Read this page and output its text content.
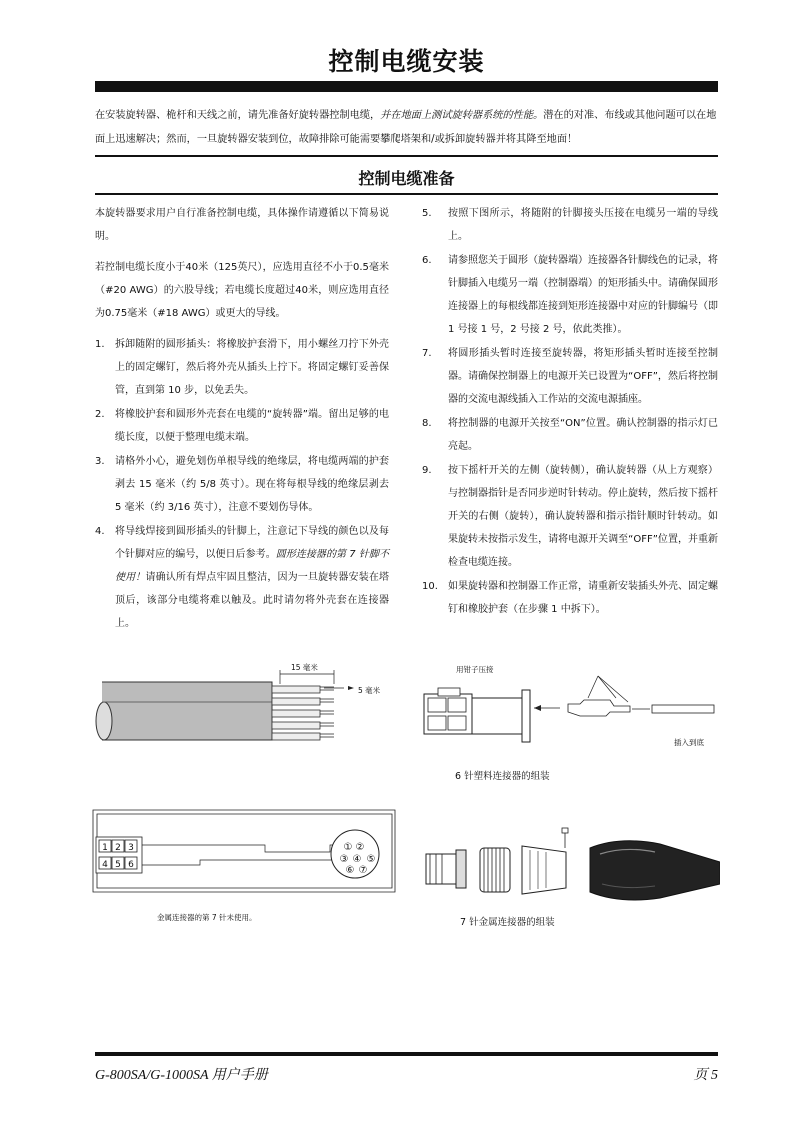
控制电缆安装
在安装旋转器、桅杆和天线之前，请先准备好旋转器控制电缆，并在地面上测试旋转器系统的性能。潜在的对准、布线或其他问题可以在地面上迅速解决；然而，一旦旋转器安装到位，故障排除可能需要攀爬塔架和/或拆卸旋转器并将其降至地面！
控制电缆准备

本旋转器要求用户自行准备控制电缆，具体操作请遵循以下简易说明。

若控制电缆长度小于40米（125英尺），应选用直径不小于0.5毫米（#20 AWG）的六股导线；若电缆长度超过40米，则应选用直径为0.75毫米（#18 AWG）或更大的导线。

1. 拆卸随附的圆形插头：将橡胶护套滑下，用小螺丝刀拧下外壳上的固定螺钉，然后将外壳从插头上拧下。将固定螺钉妥善保管，直到第 10 步，以免丢失。
2. 将橡胶护套和圆形外壳套在电缆的“旋转器”端。留出足够的电缆长度，以便于整理电缆末端。
3. 请格外小心，避免划伤单根导线的绝缘层，将电缆两端的护套剥去 15 毫米（约 5/8 英寸）。现在将每根导线的绝缘层剥去 5 毫米（约 3/16 英寸），注意不要划伤导体。
4. 将导线焊接到圆形插头的针脚上，注意记下导线的颜色以及每个针脚对应的编号，以便日后参考。圆形连接器的第 7 针脚不使用！请确认所有焊点牢固且整洁，因为一旦旋转器安装在塔顶后，该部分电缆将难以触及。此时请勿将外壳套在连接器上。
5. 按照下图所示，将随附的针脚接头压接在电缆另一端的导线上。
6. 请参照您关于圆形（旋转器端）连接器各针脚线色的记录，将针脚插入电缆另一端（控制器端）的矩形插头中。请确保圆形连接器上的每根线都连接到矩形连接器中对应的针脚编号（即 1 号接 1 号，2 号接 2 号，依此类推）。
7. 将圆形插头暂时连接至旋转器，将矩形插头暂时连接至控制器。请确保控制器上的电源开关已设置为“OFF”，然后将控制器的交流电源线插入工作站的交流电源插座。
8. 将控制器的电源开关按至“ON”位置。确认控制器的指示灯已亮起。
9. 按下摇杆开关的左侧（旋转侧），确认旋转器（从上方观察）与控制器指针是否同步逆时针转动。停止旋转，然后按下摇杆开关的右侧（旋转），确认旋转器和指示指针顺时针转动。如果旋转未按指示发生，请将电源开关调至“OFF”位置，并重新检查电缆连接。
10. 如果旋转器和控制器工作正常，请重新安装插头外壳、固定螺钉和橡胶护套（在步骤 1 中拆下）。
15 毫米
5 毫米
用钳子压接
插入到底
6 针塑料连接器的组装
1 2 3
4 5 6
① ②
⑤
③ ④
⑥ ⑦
金属连接器的第 7 针未使用。	7 针金属连接器的组装
G-800SA/G-1000SA 用户手册	页 5
